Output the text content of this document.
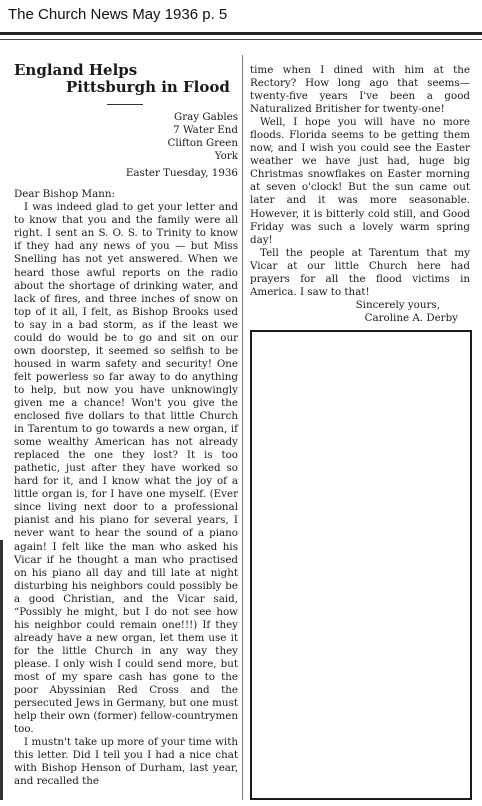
The Church News May 1936 p. 5
England Helps
Pittsburgh in Flood
Gray Gables
7 Water End
Clifton Green
York
Easter Tuesday, 1936
Dear Bishop Mann:

I was indeed glad to get your letter and to know that you and the family were all right. I sent an S. O. S. to Trinity to know if they had any news of you — but Miss Snelling has not yet answered. When we heard those awful reports on the radio about the shortage of drinking water, and lack of fires, and three inches of snow on top of it all, I felt, as Bishop Brooks used to say in a bad storm, as if the least we could do would be to go and sit on our own doorstep, it seemed so selfish to be housed in warm safety and security! One felt powerless so far away to do anything to help, but now you have unknowingly given me a chance! Won't you give the enclosed five dollars to that little Church in Tarentum to go towards a new organ, if some wealthy American has not already replaced the one they lost? It is too pathetic, just after they have worked so hard for it, and I know what the joy of a little organ is, for I have one myself. (Ever since living next door to a professional pianist and his piano for several years, I never want to hear the sound of a piano again! I felt like the man who asked his Vicar if he thought a man who practised on his piano all day and till late at night disturbing his neighbors could possibly be a good Christian, and the Vicar said, “Possibly he might, but I do not see how his neighbor could remain one!!!) If they already have a new organ, let them use it for the little Church in any way they please. I only wish I could send more, but most of my spare cash has gone to the poor Abyssinian Red Cross and the persecuted Jews in Germany, but one must help their own (former) fellow-countrymen too.

I mustn't take up more of your time with this letter. Did I tell you I had a nice chat with Bishop Henson of Durham, last year, and recalled the

time when I dined with him at the Rectory? How long ago that seems— twenty-five years I've been a good Naturalized Britisher for twenty-one!

Well, I hope you will have no more floods. Florida seems to be getting them now, and I wish you could see the Easter weather we have just had, huge big Christmas snowflakes on Easter morning at seven o'clock! But the sun came out later and it was more seasonable. However, it is bitterly cold still, and Good Friday was such a lovely warm spring day!

Tell the people at Tarentum that my Vicar at our little Church here had prayers for all the flood victims in America. I saw to that!

Sincerely yours,
Caroline A. Derby
